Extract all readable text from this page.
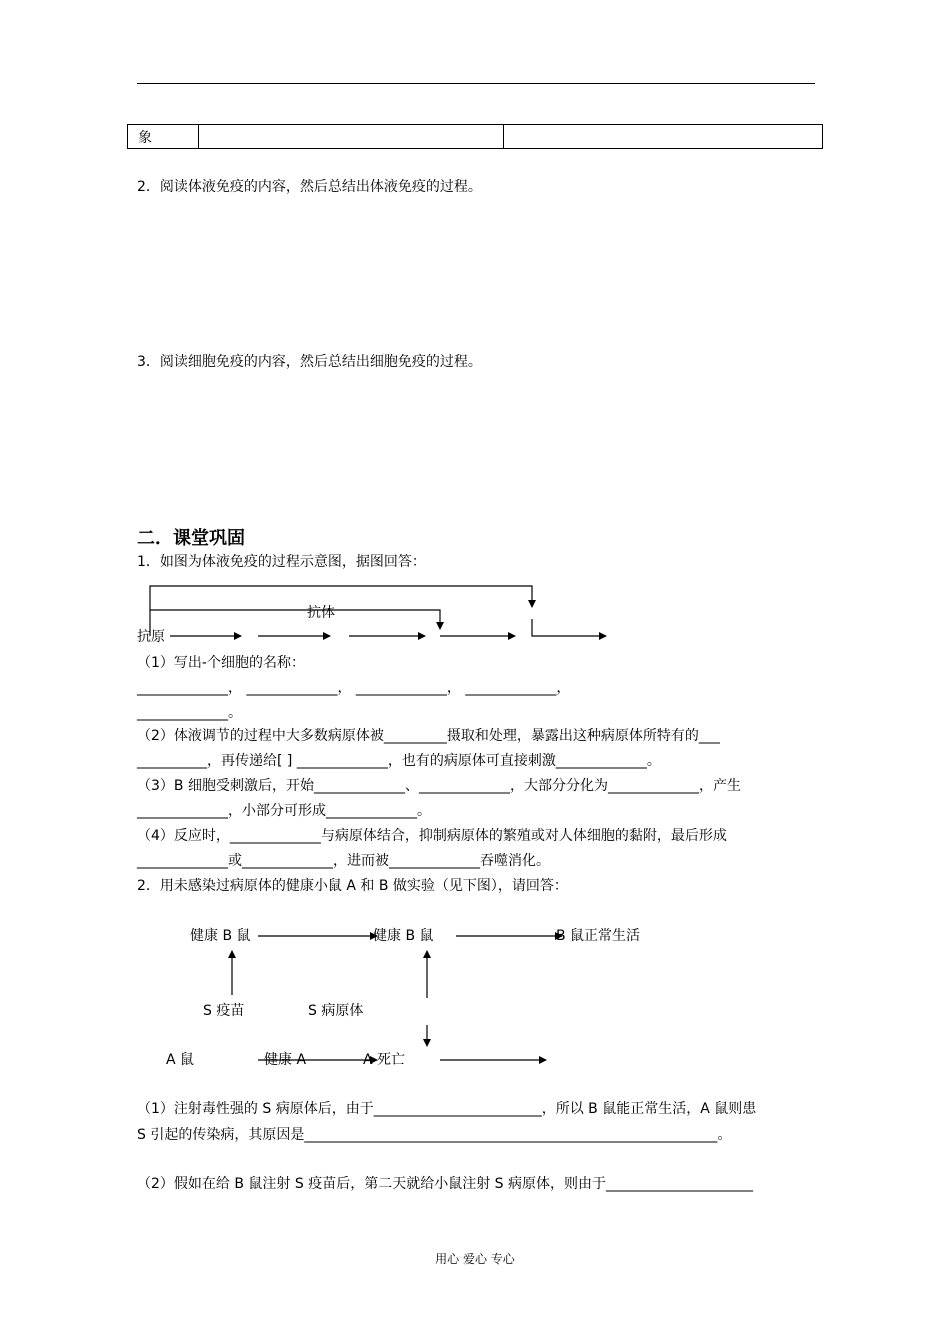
象		
2．阅读体液免疫的内容，然后总结出体液免疫的过程。
3．阅读细胞免疫的内容，然后总结出细胞免疫的过程。
二．课堂巩固
1．如图为体液免疫的过程示意图，据图回答：
抗体
抗原
（1）写出-个细胞的名称：
_____________， _____________， _____________， _____________，
_____________。
（2）体液调节的过程中大多数病原体被_________摄取和处理，暴露出这种病原体所特有的___
__________，再传递给[ ] _____________，也有的病原体可直接刺激_____________。
（3）B 细胞受刺激后，开始_____________、_____________，大部分分化为_____________，产生
_____________，小部分可形成_____________。
（4）反应时，_____________与病原体结合，抑制病原体的繁殖或对人体细胞的黏附，最后形成
_____________或_____________，进而被_____________吞噬消化。
2．用未感染过病原体的健康小鼠 A 和 B 做实验（见下图），请回答：
健康 B 鼠	健康 B 鼠	B 鼠正常生活
S 疫苗	S 病原体
A 鼠	健康 A	A 死亡
（1）注射毒性强的 S 病原体后，由于________________________，所以 B 鼠能正常生活，A 鼠则患
S 引起的传染病，其原因是___________________________________________________________。
（2）假如在给 B 鼠注射 S 疫苗后，第二天就给小鼠注射 S 病原体，则由于_____________________
用心 爱心 专心
